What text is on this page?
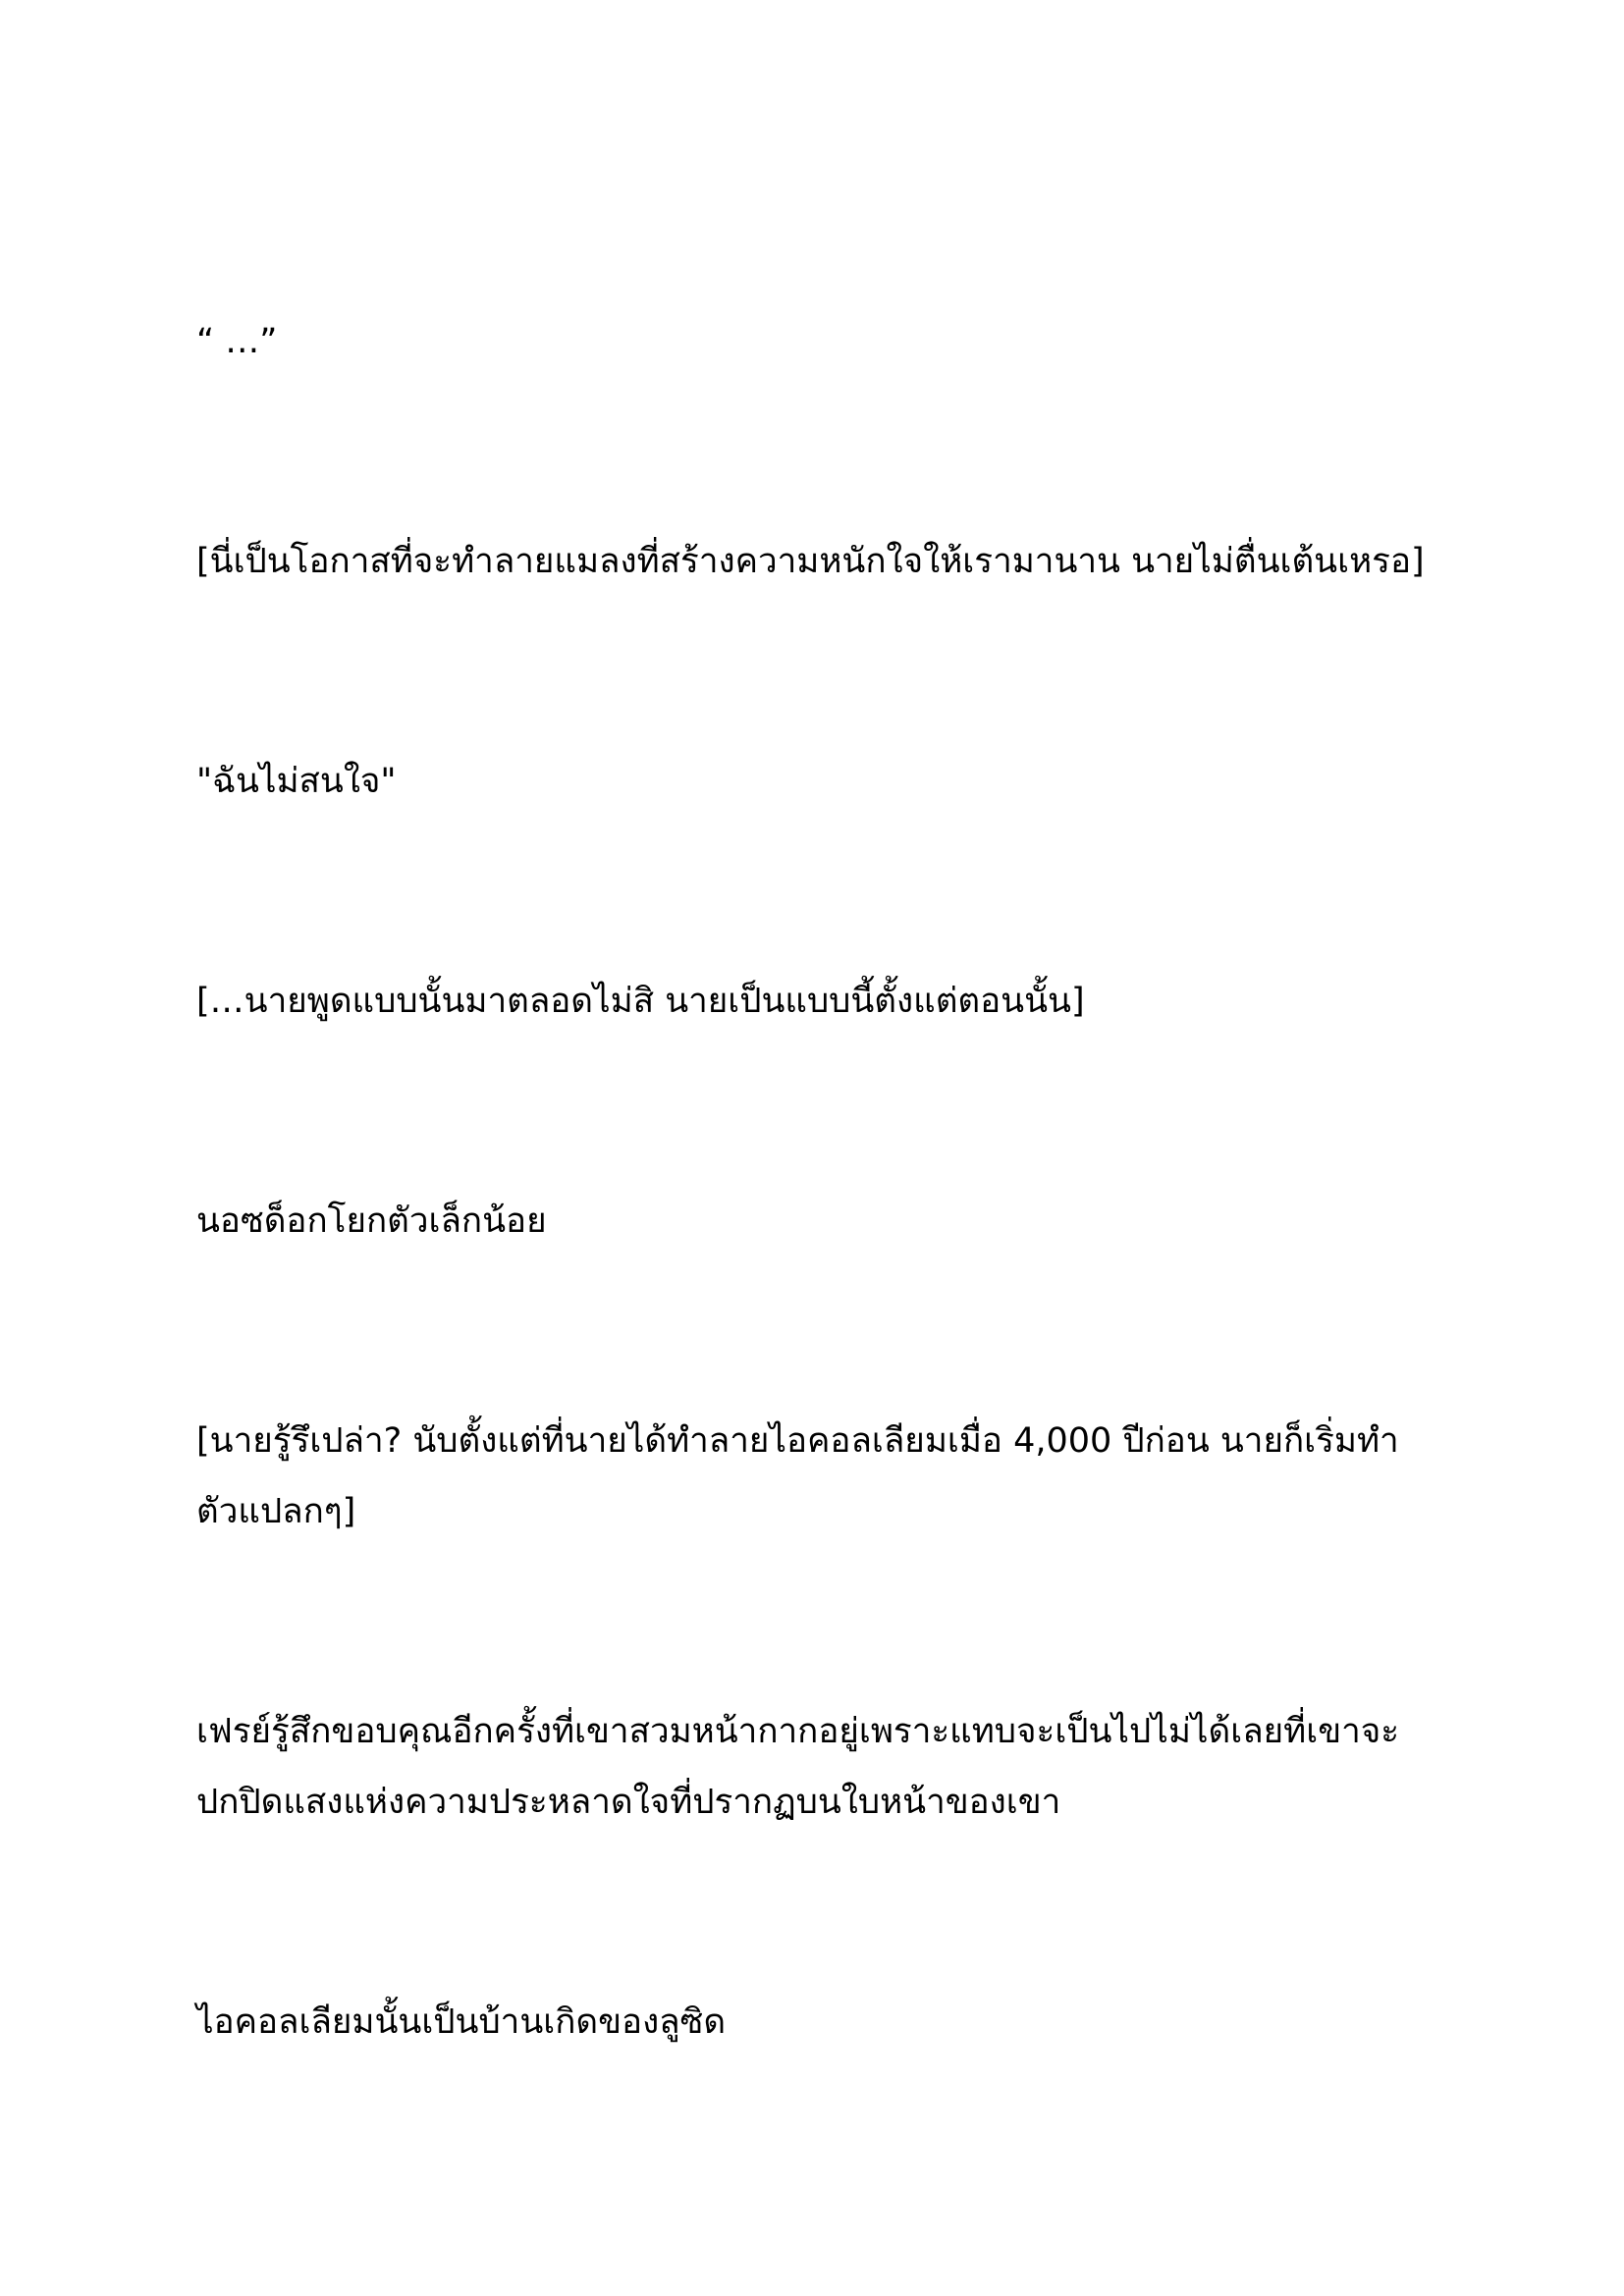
“ …”
[นี่เป็นโอกาสที่จะทำลายแมลงที่สร้างความหนักใจให้เรามานาน นายไม่ตื่นเต้นเหรอ]
"ฉันไม่สนใจ"
[…นายพูดแบบนั้นมาตลอดไม่สิ นายเป็นแบบนี้ตั้งแต่ตอนนั้น]
นอซด็อกโยกตัวเล็กน้อย
[นายรู้รึเปล่า? นับตั้งแต่ที่นายได้ทำลายไอคอลเลียมเมื่อ 4,000 ปีก่อน นายก็เริ่มทำ
ตัวแปลกๆ]
เฟรย์รู้สึกขอบคุณอีกครั้งที่เขาสวมหน้ากากอยู่เพราะแทบจะเป็นไปไม่ได้เลยที่เขาจะ
ปกปิดแสงแห่งความประหลาดใจที่ปรากฏบนใบหน้าของเขา
ไอคอลเลียมนั้นเป็นบ้านเกิดของลูซิด
